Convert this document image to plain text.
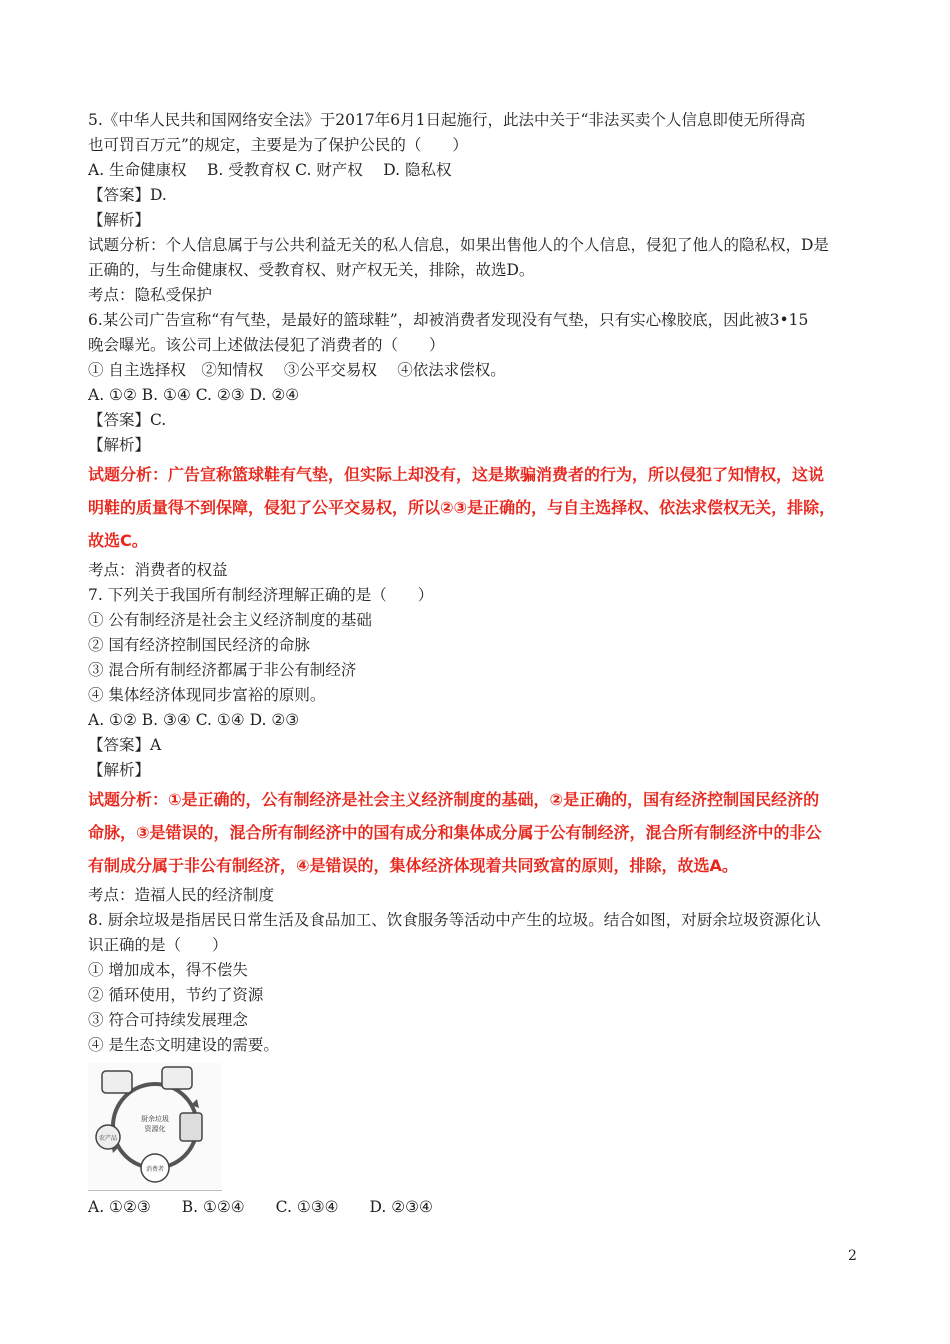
5.《中华人民共和国网络安全法》于2017年6月1日起施行，此法中关于“非法买卖个人信息即使无所得高
也可罚百万元”的规定，主要是为了保护公民的（　　）
A. 生命健康权　 B. 受教育权 C. 财产权　 D. 隐私权
【答案】D.
【解析】
试题分析：个人信息属于与公共利益无关的私人信息，如果出售他人的个人信息，侵犯了他人的隐私权，D是
正确的，与生命健康权、受教育权、财产权无关，排除，故选D。
考点：隐私受保护
6.某公司广告宣称“有气垫，是最好的篮球鞋”，却被消费者发现没有气垫，只有实心橡胶底，因此被3•15
晚会曝光。该公司上述做法侵犯了消费者的（　　）
① 自主选择权　②知情权　 ③公平交易权　 ④依法求偿权。
A. ①② B. ①④ C. ②③ D. ②④
【答案】C.
【解析】
试题分析：广告宣称篮球鞋有气垫，但实际上却没有，这是欺骗消费者的行为，所以侵犯了知情权，这说
明鞋的质量得不到保障，侵犯了公平交易权，所以②③是正确的，与自主选择权、依法求偿权无关，排除，
故选C。
考点：消费者的权益
7. 下列关于我国所有制经济理解正确的是（　　）
① 公有制经济是社会主义经济制度的基础
② 国有经济控制国民经济的命脉
③ 混合所有制经济都属于非公有制经济
④ 集体经济体现同步富裕的原则。
A. ①② B. ③④ C. ①④ D. ②③
【答案】A
【解析】
试题分析：①是正确的，公有制经济是社会主义经济制度的基础，②是正确的，国有经济控制国民经济的
命脉，③是错误的，混合所有制经济中的国有成分和集体成分属于公有制经济，混合所有制经济中的非公
有制成分属于非公有制经济，④是错误的，集体经济体现着共同致富的原则，排除，故选A。
考点：造福人民的经济制度
8. 厨余垃圾是指居民日常生活及食品加工、饮食服务等活动中产生的垃圾。结合如图，对厨余垃圾资源化认
识正确的是（　　）
① 增加成本，得不偿失
② 循环使用，节约了资源
③ 符合可持续发展理念
④ 是生态文明建设的需要。
厨余垃圾
资源化
农产品
消费者
A. ①②③　　B. ①②④　　C. ①③④　　D. ②③④
2
